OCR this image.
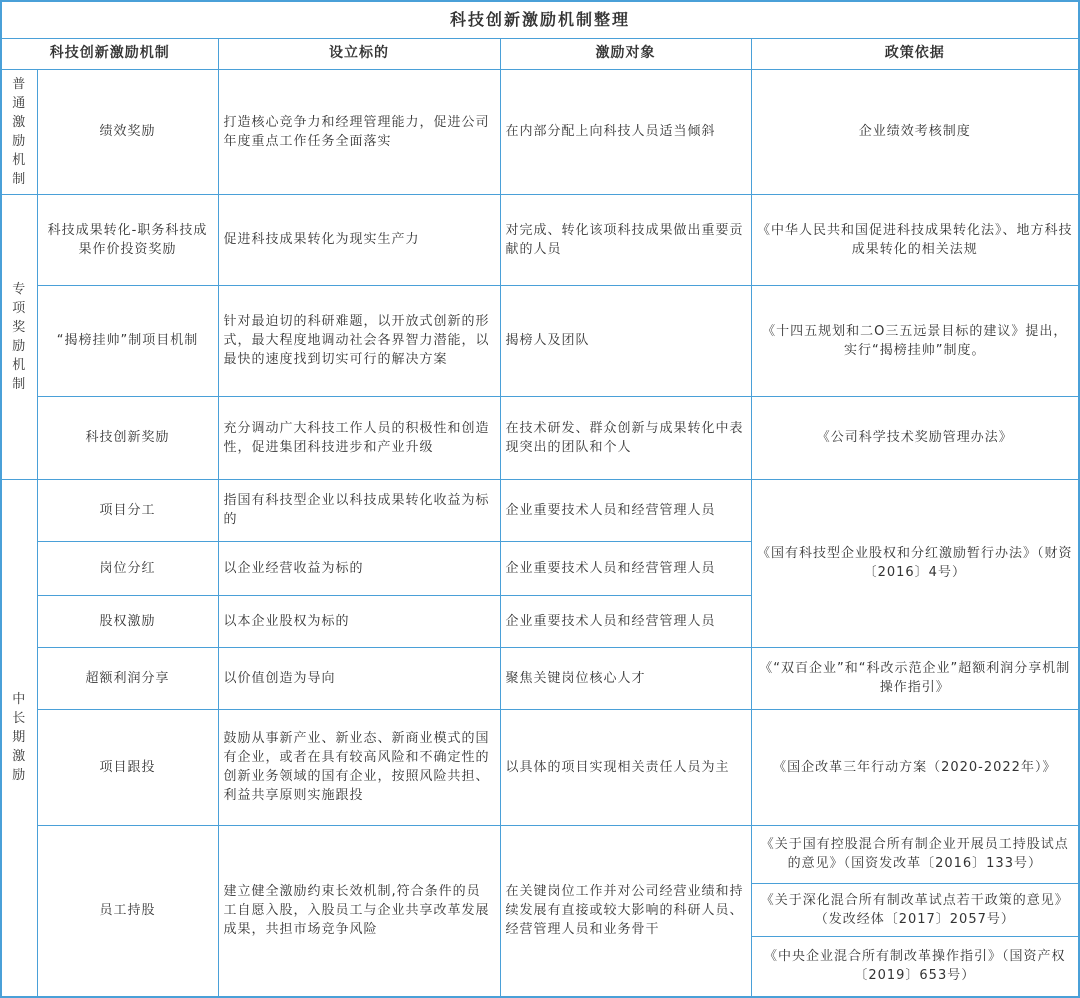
科技创新激励机制整理				
科技创新激励机制		设立标的	激励对象	政策依据
普通激励机制	绩效奖励	打造核心竞争力和经理管理能力，促进公司年度重点工作任务全面落实	在内部分配上向科技人员适当倾斜	企业绩效考核制度
专项奖励机制	科技成果转化-职务科技成果作价投资奖励	促进科技成果转化为现实生产力	对完成、转化该项科技成果做出重要贡献的人员	《中华人民共和国促进科技成果转化法》、地方科技成果转化的相关法规
	“揭榜挂帅”制项目机制	针对最迫切的科研难题，以开放式创新的形式，最大程度地调动社会各界智力潜能，以最快的速度找到切实可行的解决方案	揭榜人及团队	《十四五规划和二O三五远景目标的建议》提出，实行“揭榜挂帅”制度。
	科技创新奖励	充分调动广大科技工作人员的积极性和创造性，促进集团科技进步和产业升级	在技术研发、群众创新与成果转化中表现突出的团队和个人	《公司科学技术奖励管理办法》
中长期激励	项目分工	指国有科技型企业以科技成果转化收益为标的	企业重要技术人员和经营管理人员	《国有科技型企业股权和分红激励暂行办法》（财资〔2016〕4号）
	岗位分红	以企业经营收益为标的	企业重要技术人员和经营管理人员	
	股权激励	以本企业股权为标的	企业重要技术人员和经营管理人员	
	超额利润分享	以价值创造为导向	聚焦关键岗位核心人才	《“双百企业”和“科改示范企业”超额利润分享机制操作指引》
	项目跟投	鼓励从事新产业、新业态、新商业模式的国有企业，或者在具有较高风险和不确定性的创新业务领域的国有企业，按照风险共担、利益共享原则实施跟投	以具体的项目实现相关责任人员为主	《国企改革三年行动方案（2020-2022年）》
	员工持股	建立健全激励约束长效机制,符合条件的员工自愿入股，入股员工与企业共享改革发展成果，共担市场竞争风险	在关键岗位工作并对公司经营业绩和持续发展有直接或较大影响的科研人员、经营管理人员和业务骨干	《关于国有控股混合所有制企业开展员工持股试点的意见》（国资发改革〔2016〕133号）
				《关于深化混合所有制改革试点若干政策的意见》（发改经体〔2017〕2057号）
				《中央企业混合所有制改革操作指引》（国资产权〔2019〕653号）
